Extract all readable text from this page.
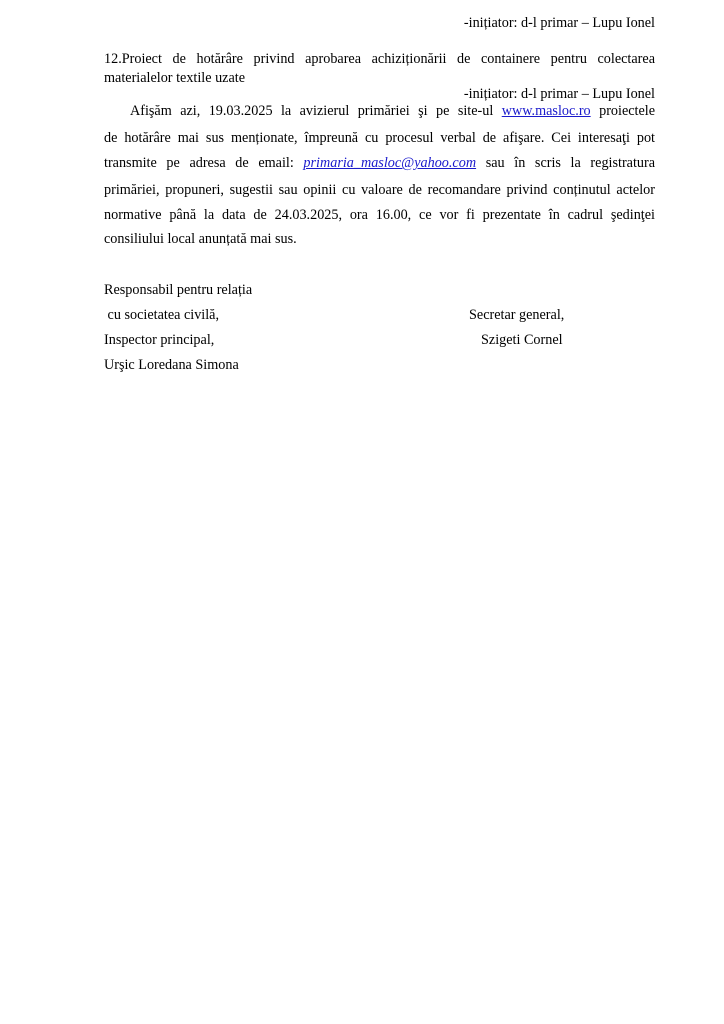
-inițiator: d-l primar – Lupu Ionel
12.Proiect de hotărâre privind aprobarea achiziționării de containere pentru colectarea
materialelor textile uzate
-inițiator: d-l primar – Lupu Ionel
Afişăm azi, 19.03.2025 la avizierul primăriei şi pe site-ul www.masloc.ro proiectele
de hotărâre mai sus menționate, împreună cu procesul verbal de afişare. Cei interesaţi pot
transmite pe adresa de email: primaria_masloc@yahoo.com sau în scris la registratura
primăriei, propuneri, sugestii sau opinii cu valoare de recomandare privind conținutul actelor
normative până la data de 24.03.2025, ora 16.00, ce vor fi prezentate în cadrul şedinţei
consiliului local anunțată mai sus.
Responsabil pentru relația
cu societatea civilă,
Inspector principal,
Urşic Loredana Simona
Secretar general,
Szigeti Cornel
